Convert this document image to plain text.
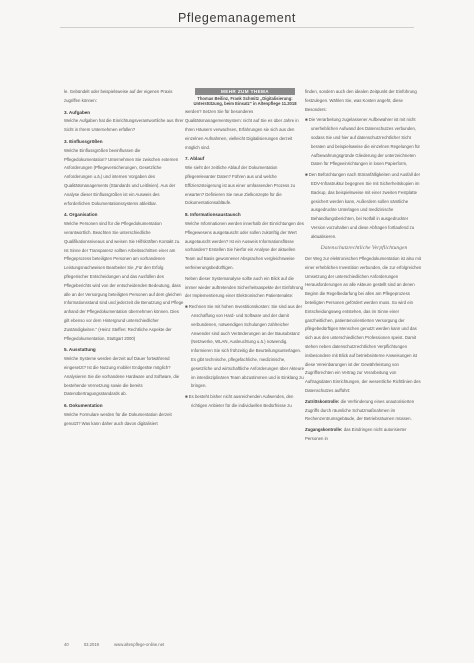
Pflegemanagement

le. Gebündelt oder beispielsweise auf der eigenen Praxis zugriffen können:

3. Aufgaben

Welche Aufgaben hat die Einrichtungsverantwortliche aus Ihrer Sicht in Ihrem Unternehmen erfüllen?

3. Einflussgrößen

Welche Einflussgrößen beeinflussen die Pflegedokumentation? Unternehmen Sie zwischen externen Anforderungen (Pflegeversicherungen, Gesetzliche Anforderungen u.ä.) und internen Vorgaben des Qualitätsmanagements (Standards und Leitlinien). Aus der Analyse dieser Einflussgrößen ist ein Ausweis des erforderlichen Dokumentationssystems ableitbar.

4. Organisation

Welche Personen sind für die Pflegedokumentation verantwortlich. Beachten Sie unterschiedliche Qualifikationsniveaus und weisen Sie Hilfskräften Kontakt zu. Ist Sinne der Transparenz sollten Arbeitsschritten einer am Pflegeprozess beteiligten Personen am vorhandenen Leistungsnachweisen Bearbeiter Sie „Für den Erfolg pflegerischer Entscheidungen und das Ausfüllen des Pflegeberichts wird von der entscheidenden Bedeutung, dass alle an der Versorgung beteiligten Personen auf dem gleichen Informationsstand sind und jederzeit die Benutzung und Pflege anhand der Pflegedokumentation übernehmen können. Dies gilt ebenso vor dem Hintergrund unterschiedlicher Zuständigkeiten." (Heinz Steffen: Rechtliche Aspekte der Pflegedokumentation, Stuttgart 2000)

5. Ausstattung

Welche Systeme werden derzeit auf Dauer fortwährend eingesetzt? Ist die Nutzung mobiler Endgeräte möglich? Analysieren Sie die vorhandene Hardware und Software, die bestehende Vernetzung sowie die bereits Datenübertragungsstandards ab.

6. Dokumentation

Welche Formulare werden für die Dokumentation derzeit genutzt? Was kann daher auch davon digitalisiert

MEHR ZUM THEMA

Thomas Beilinz, Frank Schmitz „Digitalisierung: Unterstützung, beim Einsatz" in Altenpflege 11.2018

werden? Setzen Sie für besonderes Qualitätsmanagementsystem: nicht auf Sie es über Jahre in Ihren Häusern verwachsen, Erfahrungen sie sich aus den einzelnen Aufnahmen, vielleicht Digitalisierungen derzeit möglich sind.

7. Ablauf

Wie sieht der zeitliche Ablauf der Dokumentation pflegerelevanter Daten? Führen aus und welche Effizienzsteigerung ist aus einer umfassenden Prozess zu erwarten? Definieren Sie neue Zielkonzepte für die Dokumentationsabläufe.

8. Informationsaustausch

Welche Informationen werden innerhalb der Einrichtungen des Pflegewesens ausgetauscht oder sollen zukünftig der Wert ausgetauscht werden? Ist ein Ausweis Informationsflüsse vorhanden? Erstellen Sie hierfür ein Analyse der aktuellen Team auf Basis gewonnener Absprachen vergleichsweise verfeinerungsbedürftigen.

Neben dieser Systemanalyse sollte auch ein Blick auf die immer wieder auftretenden Sicherheitsaspekte der Einführung der Implementierung einer Elektronischen Patientenakte:

■ Rechnen Sie mit hohen Investitionskosten: Sie sind aus der Anschaffung von Hard- und Software und der damit verbundenen, notwendigen Schulungen zahlreicher Anwender sind auch Veränderungen an der Bausubstanz (Netzwerke, WLAN, Ausleuchtung u.ä.) notwendig. Informieren Sie sich frühzeitig die Beurteilungsunterlagen. Es gibt technische, pflegefachliche, medizinische, gesetzliche und wirtschaftliche Anforderungen über Akteure im interdisziplinären Team abzustimmen und in Einklang zu bringen.

■ Es besteht bisher nicht ausreichenden Aufwendes, den richtigen Anbieter für die individuellen Bedürfnisse zu

finden, sondern auch den idealen Zeitpunkt der Einführung festzulegen. Wählen Sie, was Kosten angeht, diese Besonders:

■ Die Verarbeitung zugelassener Aufbewahrer ist mit nicht unerheblichen Aufwand des Datenschutzes verbunden, sodass Sie und hier auf datenschutzrechtlicher Sicht beraten und beispielsweise die einzelnen Regelungen für Aufbewahrungsgründe Gliederung der unterzeichneten Daten für Pflegeeinrichtungen in losen Papierform,

■ Den Befürchtungen nach Störanfälligkeiten und Ausfall der EDV-Infrastruktur begegnen Sie mit Sicherheitskopien im Backup, das beispielsweise mit einer zweiten Festplatte gesichert werden kann, Außerdem sollen sämtliche ausgedruckte Unterlagen und medizinische Behandlungsberichten, bei Notfall in ausgedruckter Version vorzuhalten und diese Abfragen fortlaufend zu aktualisieren.

Datenschutzrechtliche Verpflichtungen

Der Weg zur elektronischen Pflegedokumentation ist also mit einer erheblichen Investition verbunden, die zur erfolgreichen Umsetzung der unterschiedlichen Anforderungen Herausforderungen an alle Akteure gestellt sind an denen Beginn die Regelbedarfung bei allen am Pflegeprozess beteiligten Personen gefördert werden muss. So wird ein Entscheidungsweg entstehen, das im Sinne einer ganzheitlichen, patientenorientierten Versorgung der pflegebedürftigen Menschen genutzt werden kann und das sich aus den unterschiedlichen Professionen speist. Damit stehen neben datenschutzrechtlichen Verpflichtungen insbesondere mit Blick auf betriebsinterne Anweisungen ist diese Vereinbarungen ist der Gewährleistung von Zugriffsrechten ein Vertrag zur Verarbeitung von Auftragsdaten Einrichtungen, der wesentliche Richtlinien des Datenschutzes aufführt:

Zutrittskontrolle: die Verhinderung eines unautorisierten Zugriffs durch räumliche Schutzmaßnahmen im Rechenzentrumsgebäude, der Betriebsräumen müssen.

Zugangskontrolle: das Eindringen nicht autorisierter Personen in

40	03.2019	www.altenpflege-online.net
